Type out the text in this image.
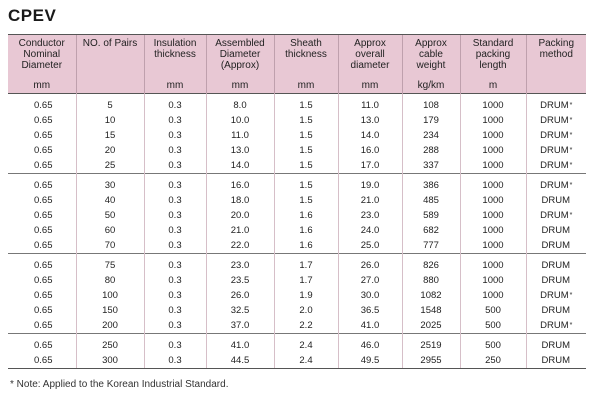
CPEV
Conductor Nominal Diameter	NO. of Pairs	Insulation thickness	Assembled Diameter (Approx)	Sheath thickness	Approx overall diameter	Approx cable weight	Standard packing length	Packing method
mm		mm	mm	mm	mm	kg/km	m	
0.65	5	0.3	8.0	1.5	11.0	108	1000	DRUM*
0.65	10	0.3	10.0	1.5	13.0	179	1000	DRUM*
0.65	15	0.3	11.0	1.5	14.0	234	1000	DRUM*
0.65	20	0.3	13.0	1.5	16.0	288	1000	DRUM*
0.65	25	0.3	14.0	1.5	17.0	337	1000	DRUM*
0.65	30	0.3	16.0	1.5	19.0	386	1000	DRUM*
0.65	40	0.3	18.0	1.5	21.0	485	1000	DRUM
0.65	50	0.3	20.0	1.6	23.0	589	1000	DRUM*
0.65	60	0.3	21.0	1.6	24.0	682	1000	DRUM
0.65	70	0.3	22.0	1.6	25.0	777	1000	DRUM
0.65	75	0.3	23.0	1.7	26.0	826	1000	DRUM
0.65	80	0.3	23.5	1.7	27.0	880	1000	DRUM
0.65	100	0.3	26.0	1.9	30.0	1082	1000	DRUM*
0.65	150	0.3	32.5	2.0	36.5	1548	500	DRUM
0.65	200	0.3	37.0	2.2	41.0	2025	500	DRUM*
0.65	250	0.3	41.0	2.4	46.0	2519	500	DRUM
0.65	300	0.3	44.5	2.4	49.5	2955	250	DRUM
* Note: Applied to the Korean Industrial Standard.
